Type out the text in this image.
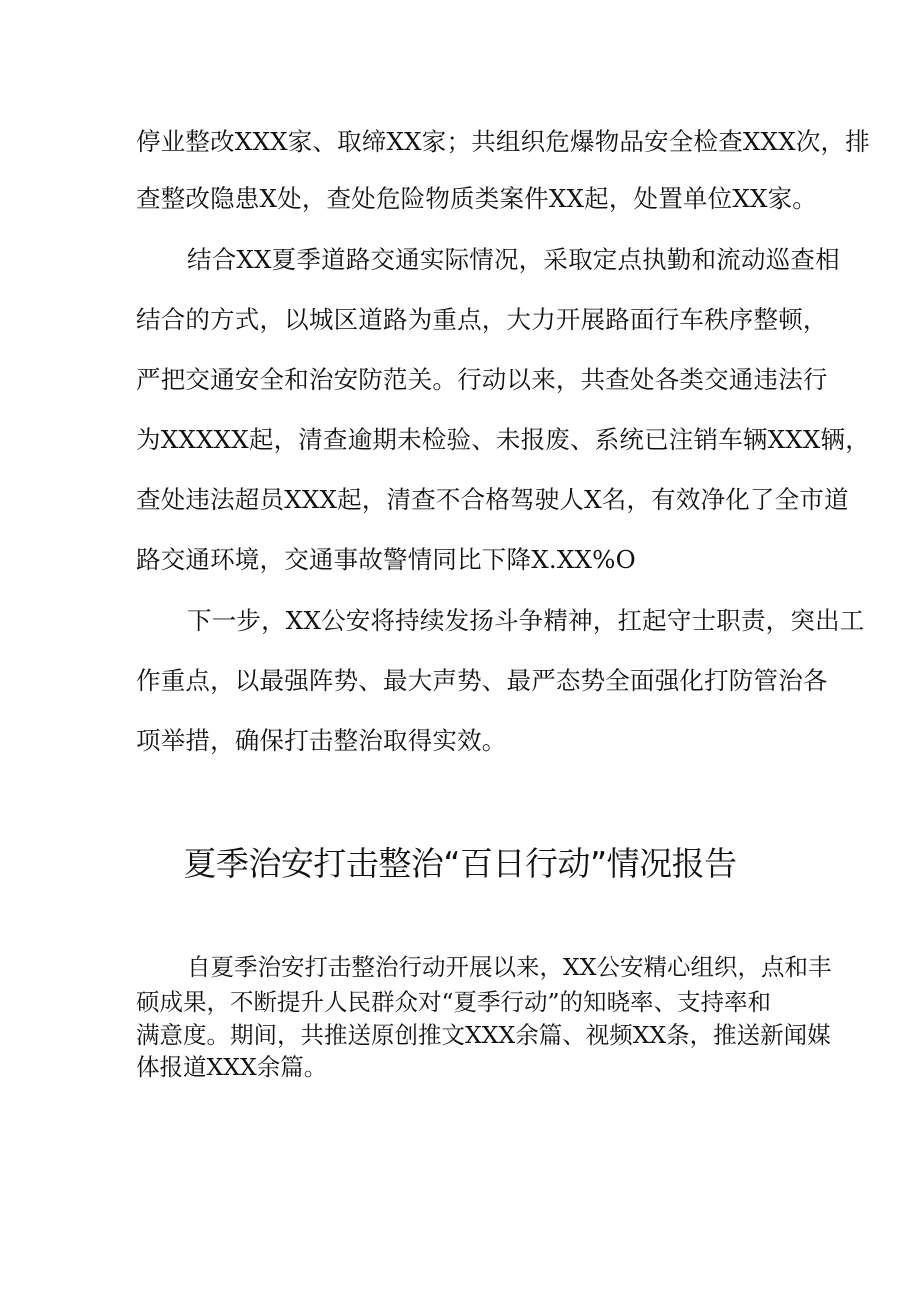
停业整改XXX家、取缔XX家；共组织危爆物品安全检查XXX次，排
查整改隐患X处，查处危险物质类案件XX起，处置单位XX家。
结合XX夏季道路交通实际情况，采取定点执勤和流动巡查相
结合的方式，以城区道路为重点，大力开展路面行车秩序整顿，
严把交通安全和治安防范关。行动以来，共查处各类交通违法行
为XXXXX起，清查逾期未检验、未报废、系统已注销车辆XXX辆，
查处违法超员XXX起，清查不合格驾驶人X名，有效净化了全市道
路交通环境，交通事故警情同比下降X.XX%O
下一步，XX公安将持续发扬斗争精神，扛起守士职责，突出工
作重点，以最强阵势、最大声势、最严态势全面强化打防管治各
项举措，确保打击整治取得实效。
夏季治安打击整治“百日行动”情况报告
自夏季治安打击整治行动开展以来，XX公安精心组织，点和丰
硕成果，不断提升人民群众对“夏季行动”的知晓率、支持率和
满意度。期间，共推送原创推文XXX余篇、视频XX条，推送新闻媒
体报道XXX余篇。
